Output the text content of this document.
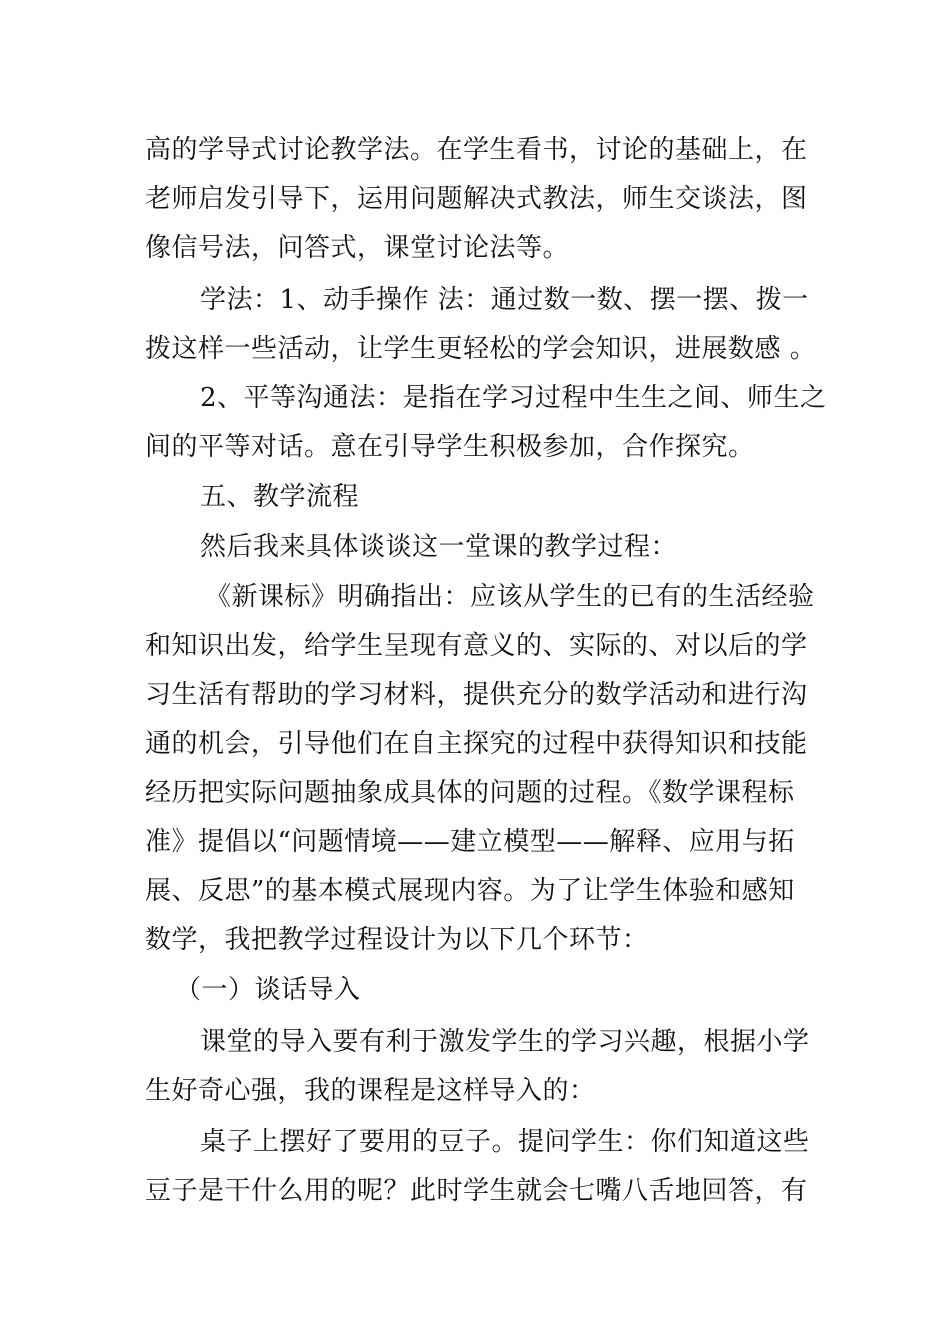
高的学导式讨论教学法。在学生看书，讨论的基础上，在
老师启发引导下，运用问题解决式教法，师生交谈法，图
像信号法，问答式，课堂讨论法等。
学法：1、动手操作 法：通过数一数、摆一摆、拨一
拨这样一些活动，让学生更轻松的学会知识，进展数感 。
2、平等沟通法：是指在学习过程中生生之间、师生之
间的平等对话。意在引导学生积极参加，合作探究。
五、教学流程
然后我来具体谈谈这一堂课的教学过程：
《新课标》明确指出：应该从学生的已有的生活经验
和知识出发，给学生呈现有意义的、实际的、对以后的学
习生活有帮助的学习材料，提供充分的数学活动和进行沟
通的机会，引导他们在自主探究的过程中获得知识和技能
经历把实际问题抽象成具体的问题的过程。《数学课程标
准》提倡以“问题情境——建立模型——解释、应用与拓
展、反思”的基本模式展现内容。为了让学生体验和感知
数学，我把教学过程设计为以下几个环节：
（一）谈话导入
课堂的导入要有利于激发学生的学习兴趣，根据小学
生好奇心强，我的课程是这样导入的：
桌子上摆好了要用的豆子。提问学生：你们知道这些
豆子是干什么用的呢？此时学生就会七嘴八舌地回答，有
